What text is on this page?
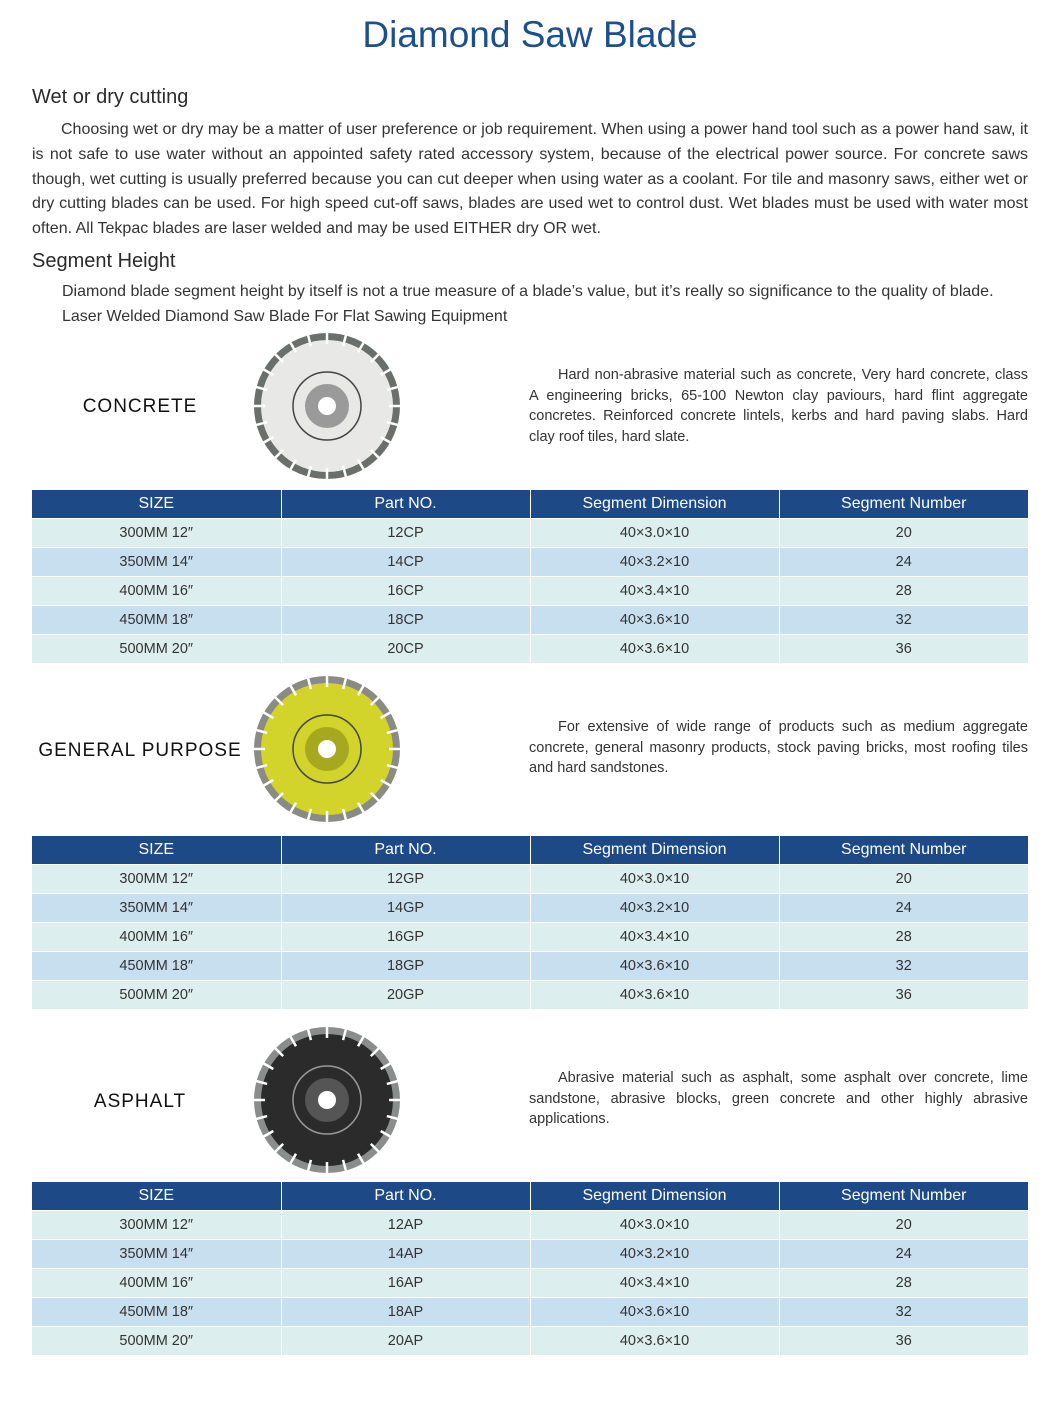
Diamond Saw Blade
Wet or dry cutting

Choosing wet or dry may be a matter of user preference or job requirement. When using a power hand tool such as a power hand saw, it is not safe to use water without an appointed safety rated accessory system, because of the electrical power source. For concrete saws though, wet cutting is usually preferred because you can cut deeper when using water as a coolant. For tile and masonry saws, either wet or dry cutting blades can be used. For high speed cut-off saws, blades are used wet to control dust. Wet blades must be used with water most often. All Tekpac blades are laser welded and may be used EITHER dry OR wet.

Segment Height

Diamond blade segment height by itself is not a true measure of a blade’s value, but it’s really so significance to the quality of blade.

Laser Welded Diamond Saw Blade For Flat Sawing Equipment

CONCRETE

Hard non-abrasive material such as concrete, Very hard concrete, class A engineering bricks, 65-100 Newton clay paviours, hard flint aggregate concretes. Reinforced concrete lintels, kerbs and hard paving slabs. Hard clay roof tiles, hard slate.

SIZE	Part NO.	Segment Dimension	Segment Number
300MM 12″	12CP	40×3.0×10	20
350MM 14″	14CP	40×3.2×10	24
400MM 16″	16CP	40×3.4×10	28
450MM 18″	18CP	40×3.6×10	32
500MM 20″	20CP	40×3.6×10	36
GENERAL PURPOSE

For extensive of wide range of products such as medium aggregate concrete, general masonry products, stock paving bricks, most roofing tiles and hard sandstones.

SIZE	Part NO.	Segment Dimension	Segment Number
300MM 12″	12GP	40×3.0×10	20
350MM 14″	14GP	40×3.2×10	24
400MM 16″	16GP	40×3.4×10	28
450MM 18″	18GP	40×3.6×10	32
500MM 20″	20GP	40×3.6×10	36
ASPHALT

Abrasive material such as asphalt, some asphalt over concrete, lime sandstone, abrasive blocks, green concrete and other highly abrasive applications.

SIZE	Part NO.	Segment Dimension	Segment Number
300MM 12″	12AP	40×3.0×10	20
350MM 14″	14AP	40×3.2×10	24
400MM 16″	16AP	40×3.4×10	28
450MM 18″	18AP	40×3.6×10	32
500MM 20″	20AP	40×3.6×10	36
